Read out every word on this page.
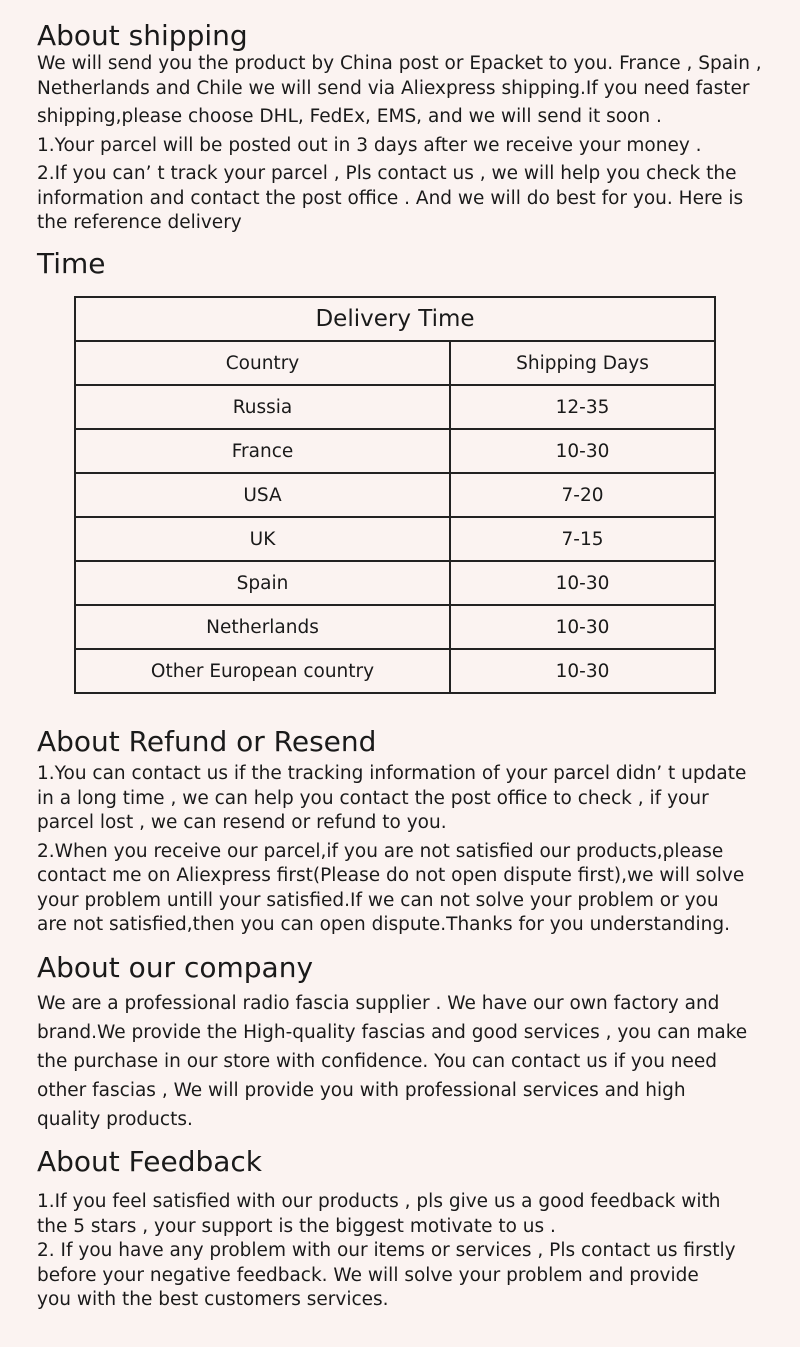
About shipping
We will send you the product by China post or Epacket to you. France , Spain ,
Netherlands and Chile we will send via Aliexpress shipping.If you need faster
shipping,please choose DHL, FedEx, EMS, and we will send it soon .
1.Your parcel will be posted out in 3 days after we receive your money .
2.If you can’ t track your parcel , Pls contact us , we will help you check the
information and contact the post office . And we will do best for you. Here is
the reference delivery
Time
Delivery Time	
Country	Shipping Days
Russia	12-35
France	10-30
USA	7-20
UK	7-15
Spain	10-30
Netherlands	10-30
Other European country	10-30
About Refund or Resend
1.You can contact us if the tracking information of your parcel didn’ t update
in a long time , we can help you contact the post office to check , if your
parcel lost , we can resend or refund to you.
2.When you receive our parcel,if you are not satisfied our products,please
contact me on Aliexpress first(Please do not open dispute first),we will solve
your problem untill your satisfied.If we can not solve your problem or you
are not satisfied,then you can open dispute.Thanks for you understanding.
About our company
We are a professional radio fascia supplier . We have our own factory and
brand.We provide the High-quality fascias and good services , you can make
the purchase in our store with confidence. You can contact us if you need
other fascias , We will provide you with professional services and high
quality products.
About Feedback
1.If you feel satisfied with our products , pls give us a good feedback with
the 5 stars , your support is the biggest motivate to us .
2. If you have any problem with our items or services , Pls contact us firstly
before your negative feedback. We will solve your problem and provide
you with the best customers services.
